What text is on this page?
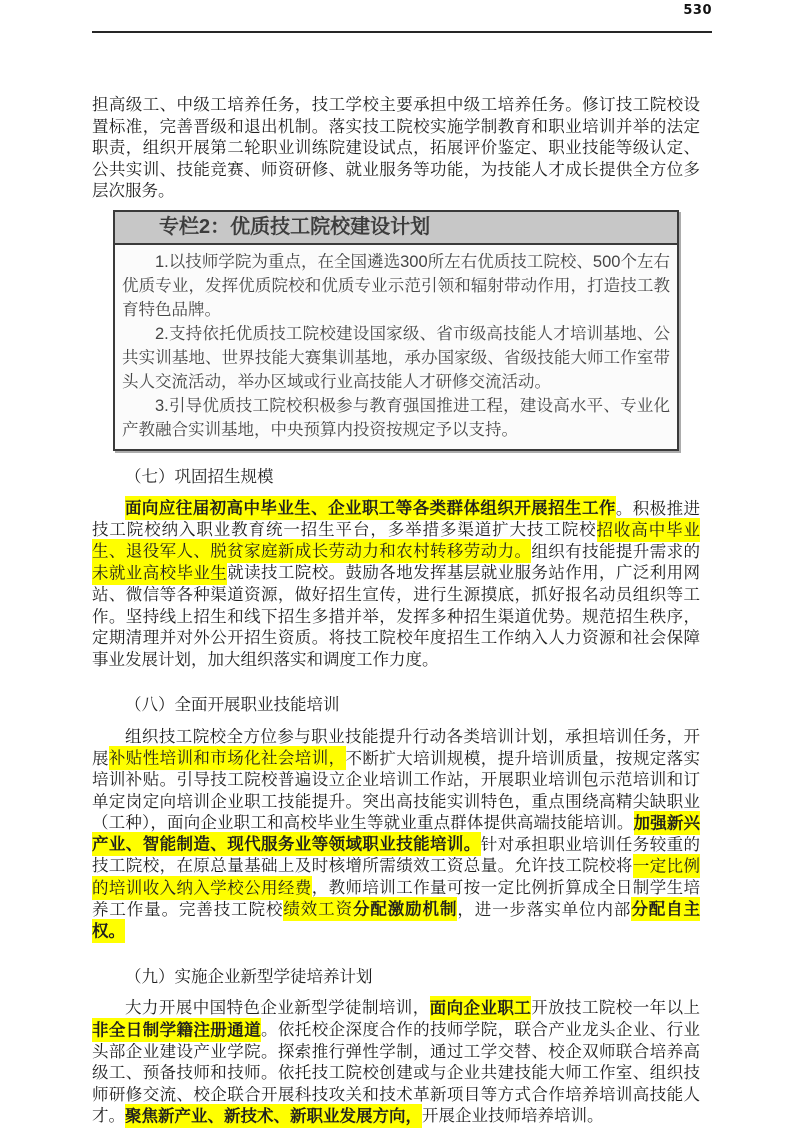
530

担高级工、中级工培养任务，技工学校主要承担中级工培养任务。修订技工院校设置标准，完善晋级和退出机制。落实技工院校实施学制教育和职业培训并举的法定职责，组织开展第二轮职业训练院建设试点，拓展评价鉴定、职业技能等级认定、公共实训、技能竞赛、师资研修、就业服务等功能，为技能人才成长提供全方位多层次服务。

专栏2：优质技工院校建设计划

1.以技师学院为重点，在全国遴选300所左右优质技工院校、500个左右优质专业，发挥优质院校和优质专业示范引领和辐射带动作用，打造技工教育特色品牌。

2.支持依托优质技工院校建设国家级、省市级高技能人才培训基地、公共实训基地、世界技能大赛集训基地，承办国家级、省级技能大师工作室带头人交流活动，举办区域或行业高技能人才研修交流活动。

3.引导优质技工院校积极参与教育强国推进工程，建设高水平、专业化产教融合实训基地，中央预算内投资按规定予以支持。

（七）巩固招生规模

面向应往届初高中毕业生、企业职工等各类群体组织开展招生工作。积极推进技工院校纳入职业教育统一招生平台，多举措多渠道扩大技工院校招收高中毕业生、退役军人、脱贫家庭新成长劳动力和农村转移劳动力。组织有技能提升需求的未就业高校毕业生就读技工院校。鼓励各地发挥基层就业服务站作用，广泛利用网站、微信等各种渠道资源，做好招生宣传，进行生源摸底，抓好报名动员组织等工作。坚持线上招生和线下招生多措并举，发挥多种招生渠道优势。规范招生秩序，定期清理并对外公开招生资质。将技工院校年度招生工作纳入人力资源和社会保障事业发展计划，加大组织落实和调度工作力度。

（八）全面开展职业技能培训

组织技工院校全方位参与职业技能提升行动各类培训计划，承担培训任务，开展补贴性培训和市场化社会培训，不断扩大培训规模，提升培训质量，按规定落实培训补贴。引导技工院校普遍设立企业培训工作站，开展职业培训包示范培训和订单定岗定向培训企业职工技能提升。突出高技能实训特色，重点围绕高精尖缺职业（工种），面向企业职工和高校毕业生等就业重点群体提供高端技能培训。加强新兴产业、智能制造、现代服务业等领域职业技能培训。针对承担职业培训任务较重的技工院校，在原总量基础上及时核增所需绩效工资总量。允许技工院校将一定比例的培训收入纳入学校公用经费，教师培训工作量可按一定比例折算成全日制学生培养工作量。完善技工院校绩效工资分配激励机制，进一步落实单位内部分配自主权。

（九）实施企业新型学徒培养计划

大力开展中国特色企业新型学徒制培训，面向企业职工开放技工院校一年以上非全日制学籍注册通道。依托校企深度合作的技师学院，联合产业龙头企业、行业头部企业建设产业学院。探索推行弹性学制，通过工学交替、校企双师联合培养高级工、预备技师和技师。依托技工院校创建或与企业共建技能大师工作室、组织技师研修交流、校企联合开展科技攻关和技术革新项目等方式合作培养培训高技能人才。聚焦新产业、新技术、新职业发展方向，开展企业技师培养培训。
